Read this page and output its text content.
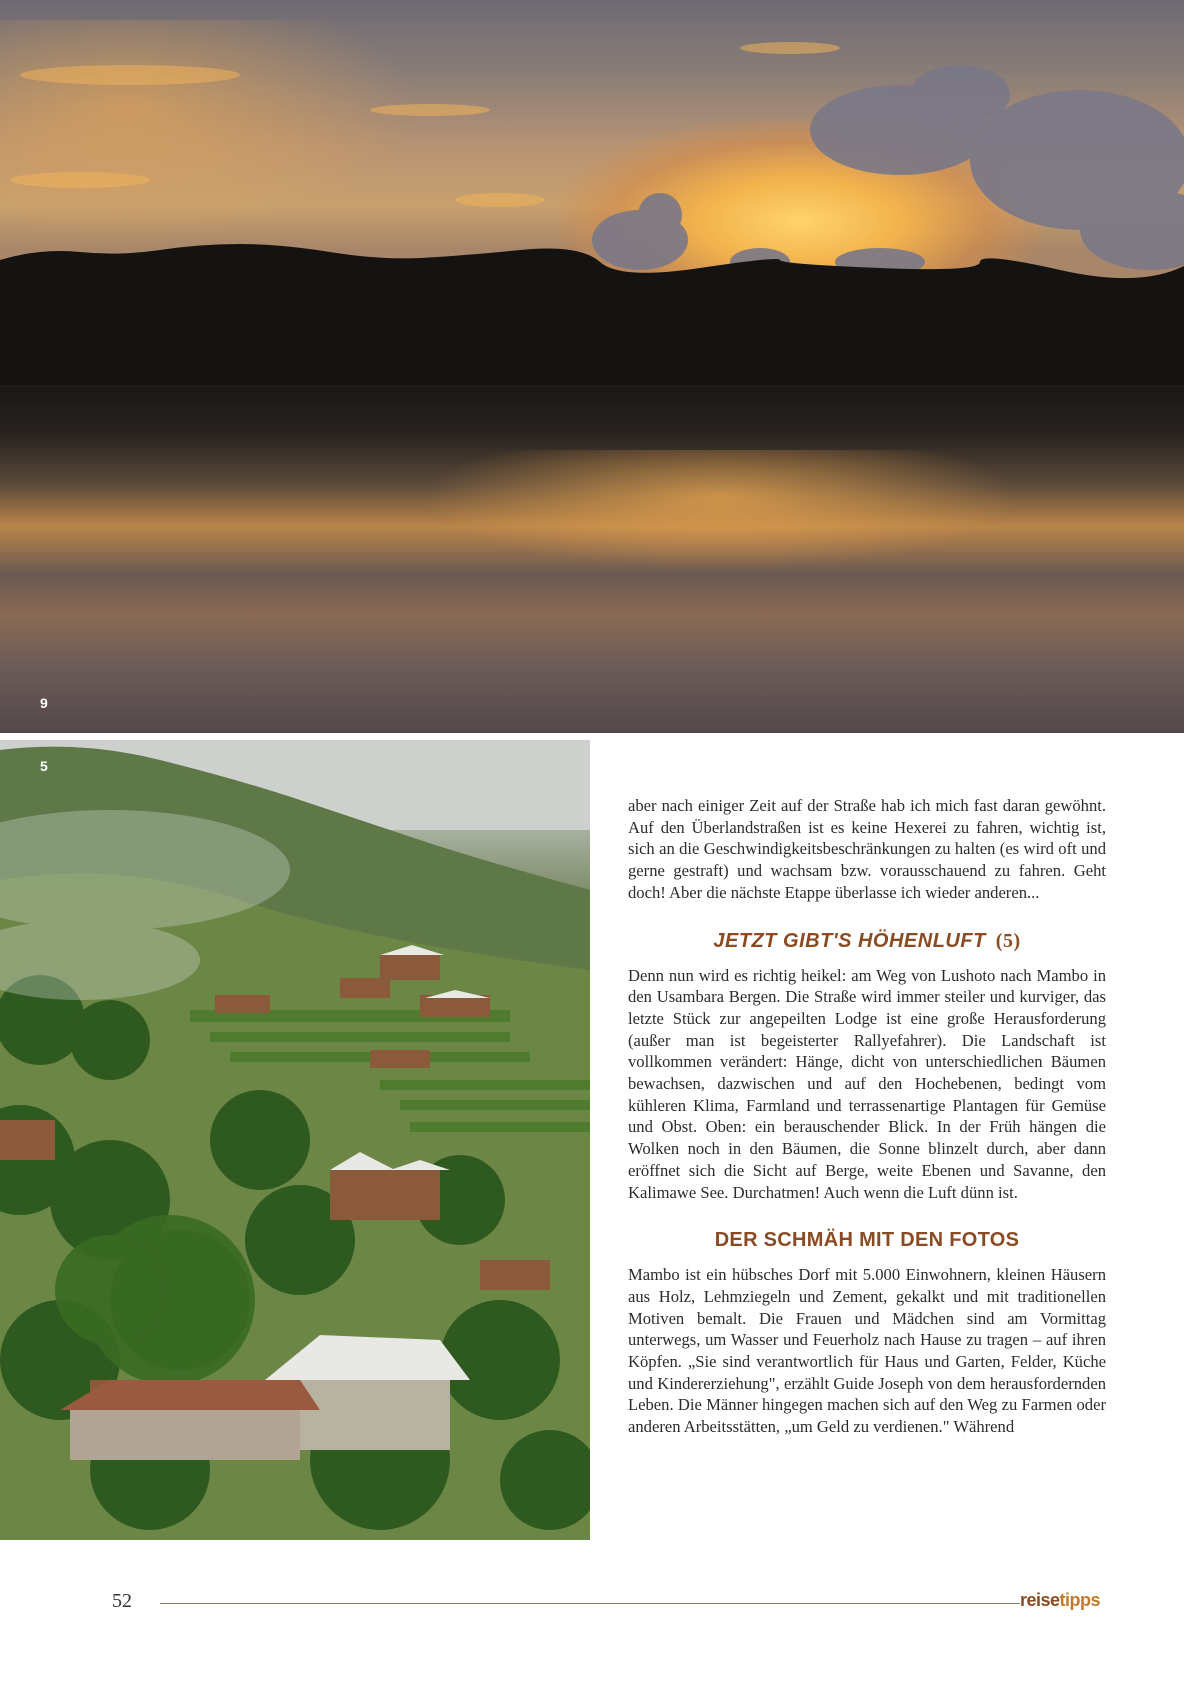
9
5

aber nach einiger Zeit auf der Straße hab ich mich fast daran gewöhnt. Auf den Überlandstraßen ist es keine Hexerei zu fahren, wichtig ist, sich an die Geschwindigkeitsbeschränkungen zu halten (es wird oft und gerne gestraft) und wachsam bzw. vorausschauend zu fahren. Geht doch! Aber die nächste Etappe überlasse ich wieder anderen...

JETZT GIBT'S HÖHENLUFT (5)

Denn nun wird es richtig heikel: am Weg von Lushoto nach Mambo in den Usambara Bergen. Die Straße wird immer steiler und kurviger, das letzte Stück zur angepeilten Lodge ist eine große Herausforderung (außer man ist begeisterter Rallyefahrer). Die Landschaft ist vollkommen verändert: Hänge, dicht von unterschiedlichen Bäumen bewachsen, dazwischen und auf den Hochebenen, bedingt vom kühleren Klima, Farmland und terrassenartige Plantagen für Gemüse und Obst. Oben: ein berauschender Blick. In der Früh hängen die Wolken noch in den Bäumen, die Sonne blinzelt durch, aber dann eröffnet sich die Sicht auf Berge, weite Ebenen und Savanne, den Kalimawe See. Durchatmen! Auch wenn die Luft dünn ist.

DER SCHMÄH MIT DEN FOTOS

Mambo ist ein hübsches Dorf mit 5.000 Einwohnern, kleinen Häusern aus Holz, Lehmziegeln und Zement, gekalkt und mit traditionellen Motiven bemalt. Die Frauen und Mädchen sind am Vormittag unterwegs, um Wasser und Feuerholz nach Hause zu tragen – auf ihren Köpfen. „Sie sind verantwortlich für Haus und Garten, Felder, Küche und Kindererziehung", erzählt Guide Joseph von dem herausfordernden Leben. Die Männer hingegen machen sich auf den Weg zu Farmen oder anderen Arbeitsstätten, „um Geld zu verdienen." Während

52	reisetipps
